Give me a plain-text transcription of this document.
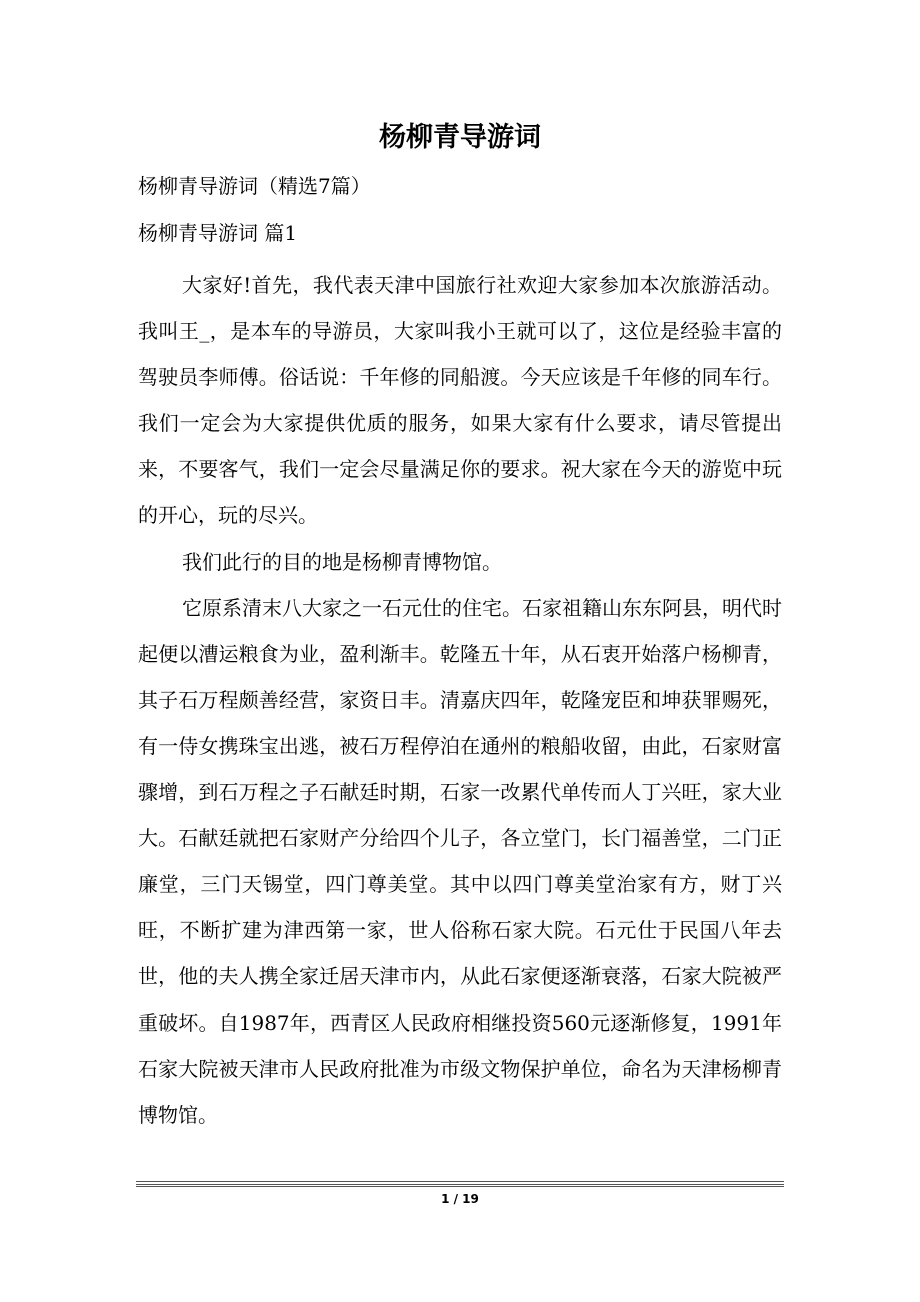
杨柳青导游词

杨柳青导游词（精选7篇）

杨柳青导游词 篇1

大家好!首先，我代表天津中国旅行社欢迎大家参加本次旅游活动。我叫王_，是本车的导游员，大家叫我小王就可以了，这位是经验丰富的驾驶员李师傅。俗话说：千年修的同船渡。今天应该是千年修的同车行。我们一定会为大家提供优质的服务，如果大家有什么要求，请尽管提出来，不要客气，我们一定会尽量满足你的要求。祝大家在今天的游览中玩的开心，玩的尽兴。

我们此行的目的地是杨柳青博物馆。

它原系清末八大家之一石元仕的住宅。石家祖籍山东东阿县，明代时起便以漕运粮食为业，盈利渐丰。乾隆五十年，从石衷开始落户杨柳青，其子石万程颇善经营，家资日丰。清嘉庆四年，乾隆宠臣和坤获罪赐死，有一侍女携珠宝出逃，被石万程停泊在通州的粮船收留，由此，石家财富骤增，到石万程之子石献廷时期，石家一改累代单传而人丁兴旺，家大业大。石献廷就把石家财产分给四个儿子，各立堂门，长门福善堂，二门正廉堂，三门天锡堂，四门尊美堂。其中以四门尊美堂治家有方，财丁兴旺，不断扩建为津西第一家，世人俗称石家大院。石元仕于民国八年去世，他的夫人携全家迁居天津市内，从此石家便逐渐衰落，石家大院被严重破坏。自1987年，西青区人民政府相继投资560元逐渐修复，1991年石家大院被天津市人民政府批准为市级文物保护单位，命名为天津杨柳青博物馆。

1 / 19
